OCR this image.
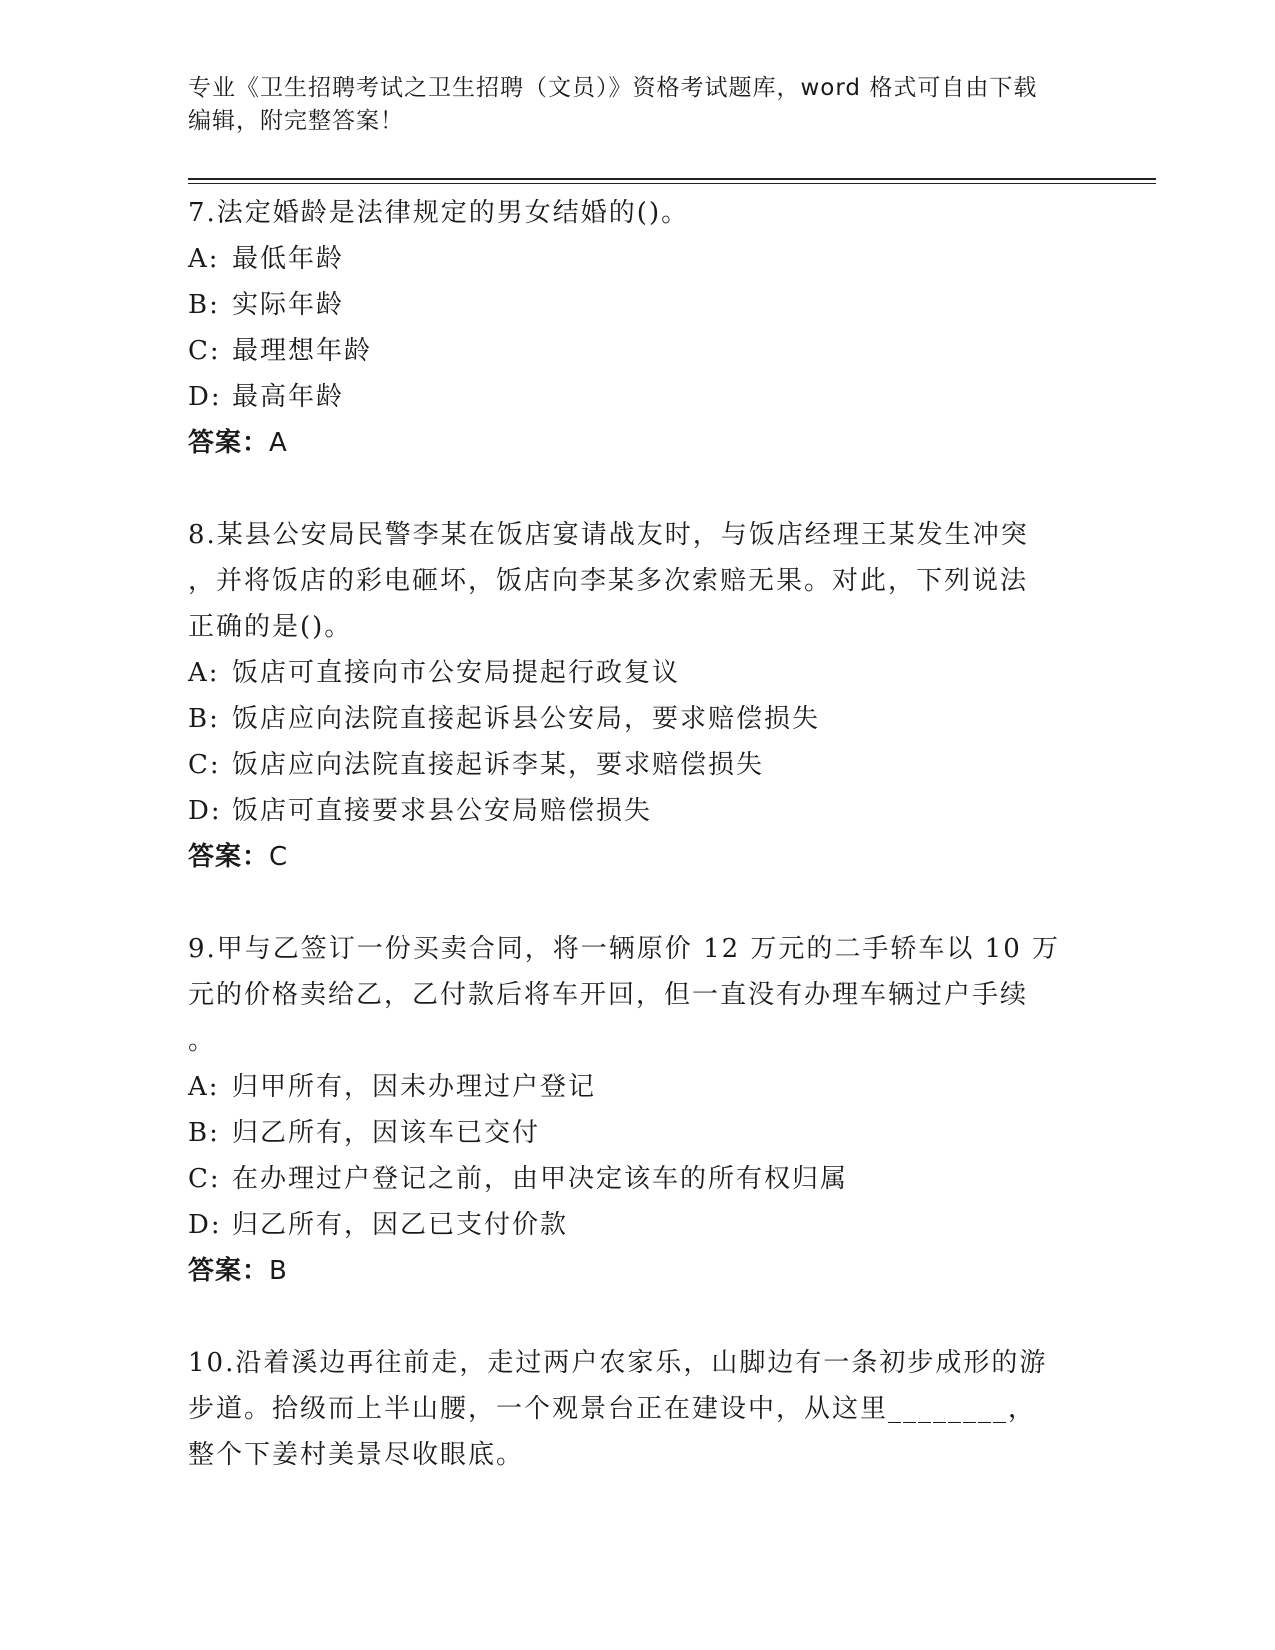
专业《卫生招聘考试之卫生招聘（文员）》资格考试题库，word 格式可自由下载
编辑，附完整答案！

7.法定婚龄是法律规定的男女结婚的()。

A: 最低年龄

B: 实际年龄

C: 最理想年龄

D: 最高年龄

答案：A

8.某县公安局民警李某在饭店宴请战友时，与饭店经理王某发生冲突

，并将饭店的彩电砸坏，饭店向李某多次索赔无果。对此，下列说法

正确的是()。

A: 饭店可直接向市公安局提起行政复议

B: 饭店应向法院直接起诉县公安局，要求赔偿损失

C: 饭店应向法院直接起诉李某，要求赔偿损失

D: 饭店可直接要求县公安局赔偿损失

答案：C

9.甲与乙签订一份买卖合同，将一辆原价 12 万元的二手轿车以 10 万

元的价格卖给乙，乙付款后将车开回，但一直没有办理车辆过户手续

。

A: 归甲所有，因未办理过户登记

B: 归乙所有，因该车已交付

C: 在办理过户登记之前，由甲决定该车的所有权归属

D: 归乙所有，因乙已支付价款

答案：B

10.沿着溪边再往前走，走过两户农家乐，山脚边有一条初步成形的游

步道。拾级而上半山腰，一个观景台正在建设中，从这里________，

整个下姜村美景尽收眼底。
